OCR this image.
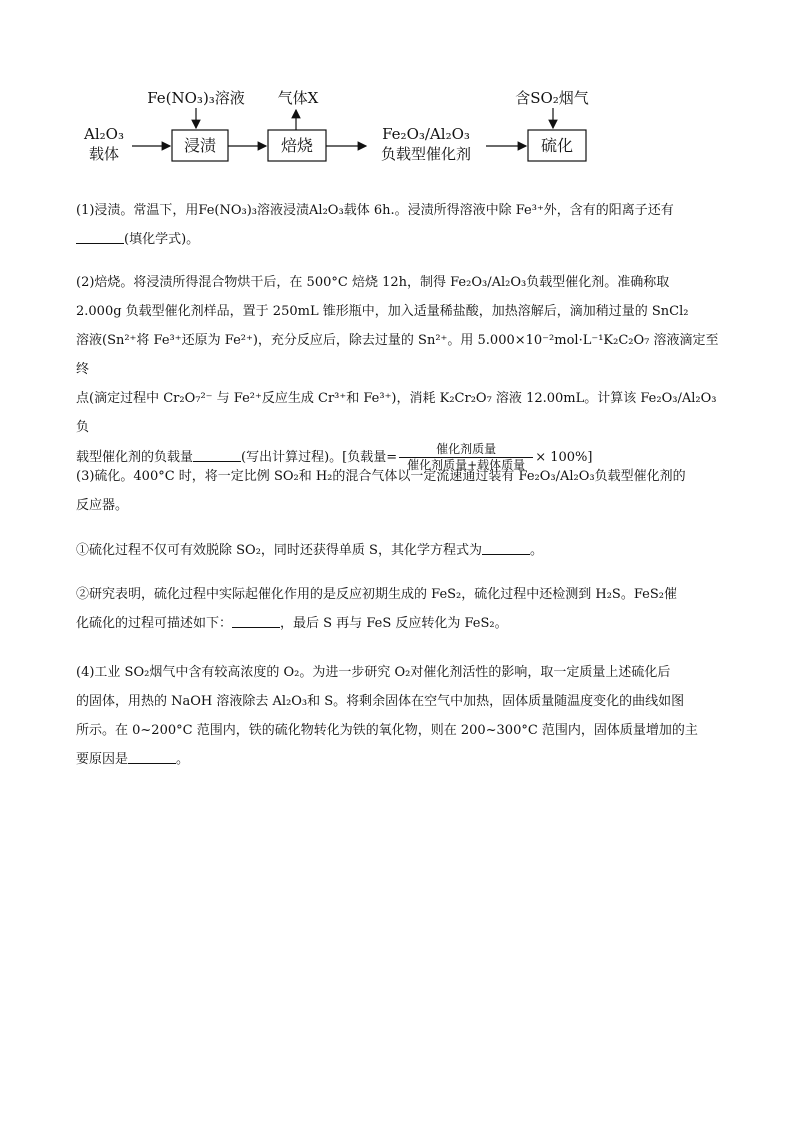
Al₂O₃
载体
Fe(NO₃)₃溶液
浸渍
气体X
焙烧
Fe₂O₃/Al₂O₃
负载型催化剂
含SO₂烟气
硫化
(1)浸渍。常温下，用Fe(NO₃)₃溶液浸渍Al₂O₃载体 6h.。浸渍所得溶液中除 Fe³⁺外，含有的阳离子还有
(填化学式)。
(2)焙烧。将浸渍所得混合物烘干后，在 500°C 焙烧 12h，制得 Fe₂O₃/Al₂O₃负载型催化剂。准确称取
2.000g 负载型催化剂样品，置于 250mL 锥形瓶中，加入适量稀盐酸，加热溶解后，滴加稍过量的 SnCl₂
溶液(Sn²⁺将 Fe³⁺还原为 Fe²⁺)，充分反应后，除去过量的 Sn²⁺。用 5.000×10⁻²mol·L⁻¹K₂C₂O₇ 溶液滴定至终
点(滴定过程中 Cr₂O₇²⁻ 与 Fe²⁺反应生成 Cr³⁺和 Fe³⁺)，消耗 K₂Cr₂O₇ 溶液 12.00mL。计算该 Fe₂O₃/Al₂O₃负
载型催化剂的负载量	(写出计算过程)。[负载量= $\frac{\text{催化剂质量}}{\text{催化剂质量+载体质量}} \times 100\%$]
(3)硫化。400°C 时，将一定比例 SO₂和 H₂的混合气体以一定流速通过装有 Fe₂O₃/Al₂O₃负载型催化剂的
反应器。
①硫化过程不仅可有效脱除 SO₂，同时还获得单质 S，其化学方程式为	。
②研究表明，硫化过程中实际起催化作用的是反应初期生成的 FeS₂，硫化过程中还检测到 H₂S。FeS₂催
化硫化的过程可描述如下：	，最后 S 再与 FeS 反应转化为 FeS₂。
(4)工业 SO₂烟气中含有较高浓度的 O₂。为进一步研究 O₂对催化剂活性的影响，取一定质量上述硫化后
的固体，用热的 NaOH 溶液除去 Al₂O₃和 S。将剩余固体在空气中加热，固体质量随温度变化的曲线如图
所示。在 0~200°C 范围内，铁的硫化物转化为铁的氧化物，则在 200~300°C 范围内，固体质量增加的主
要原因是	。
